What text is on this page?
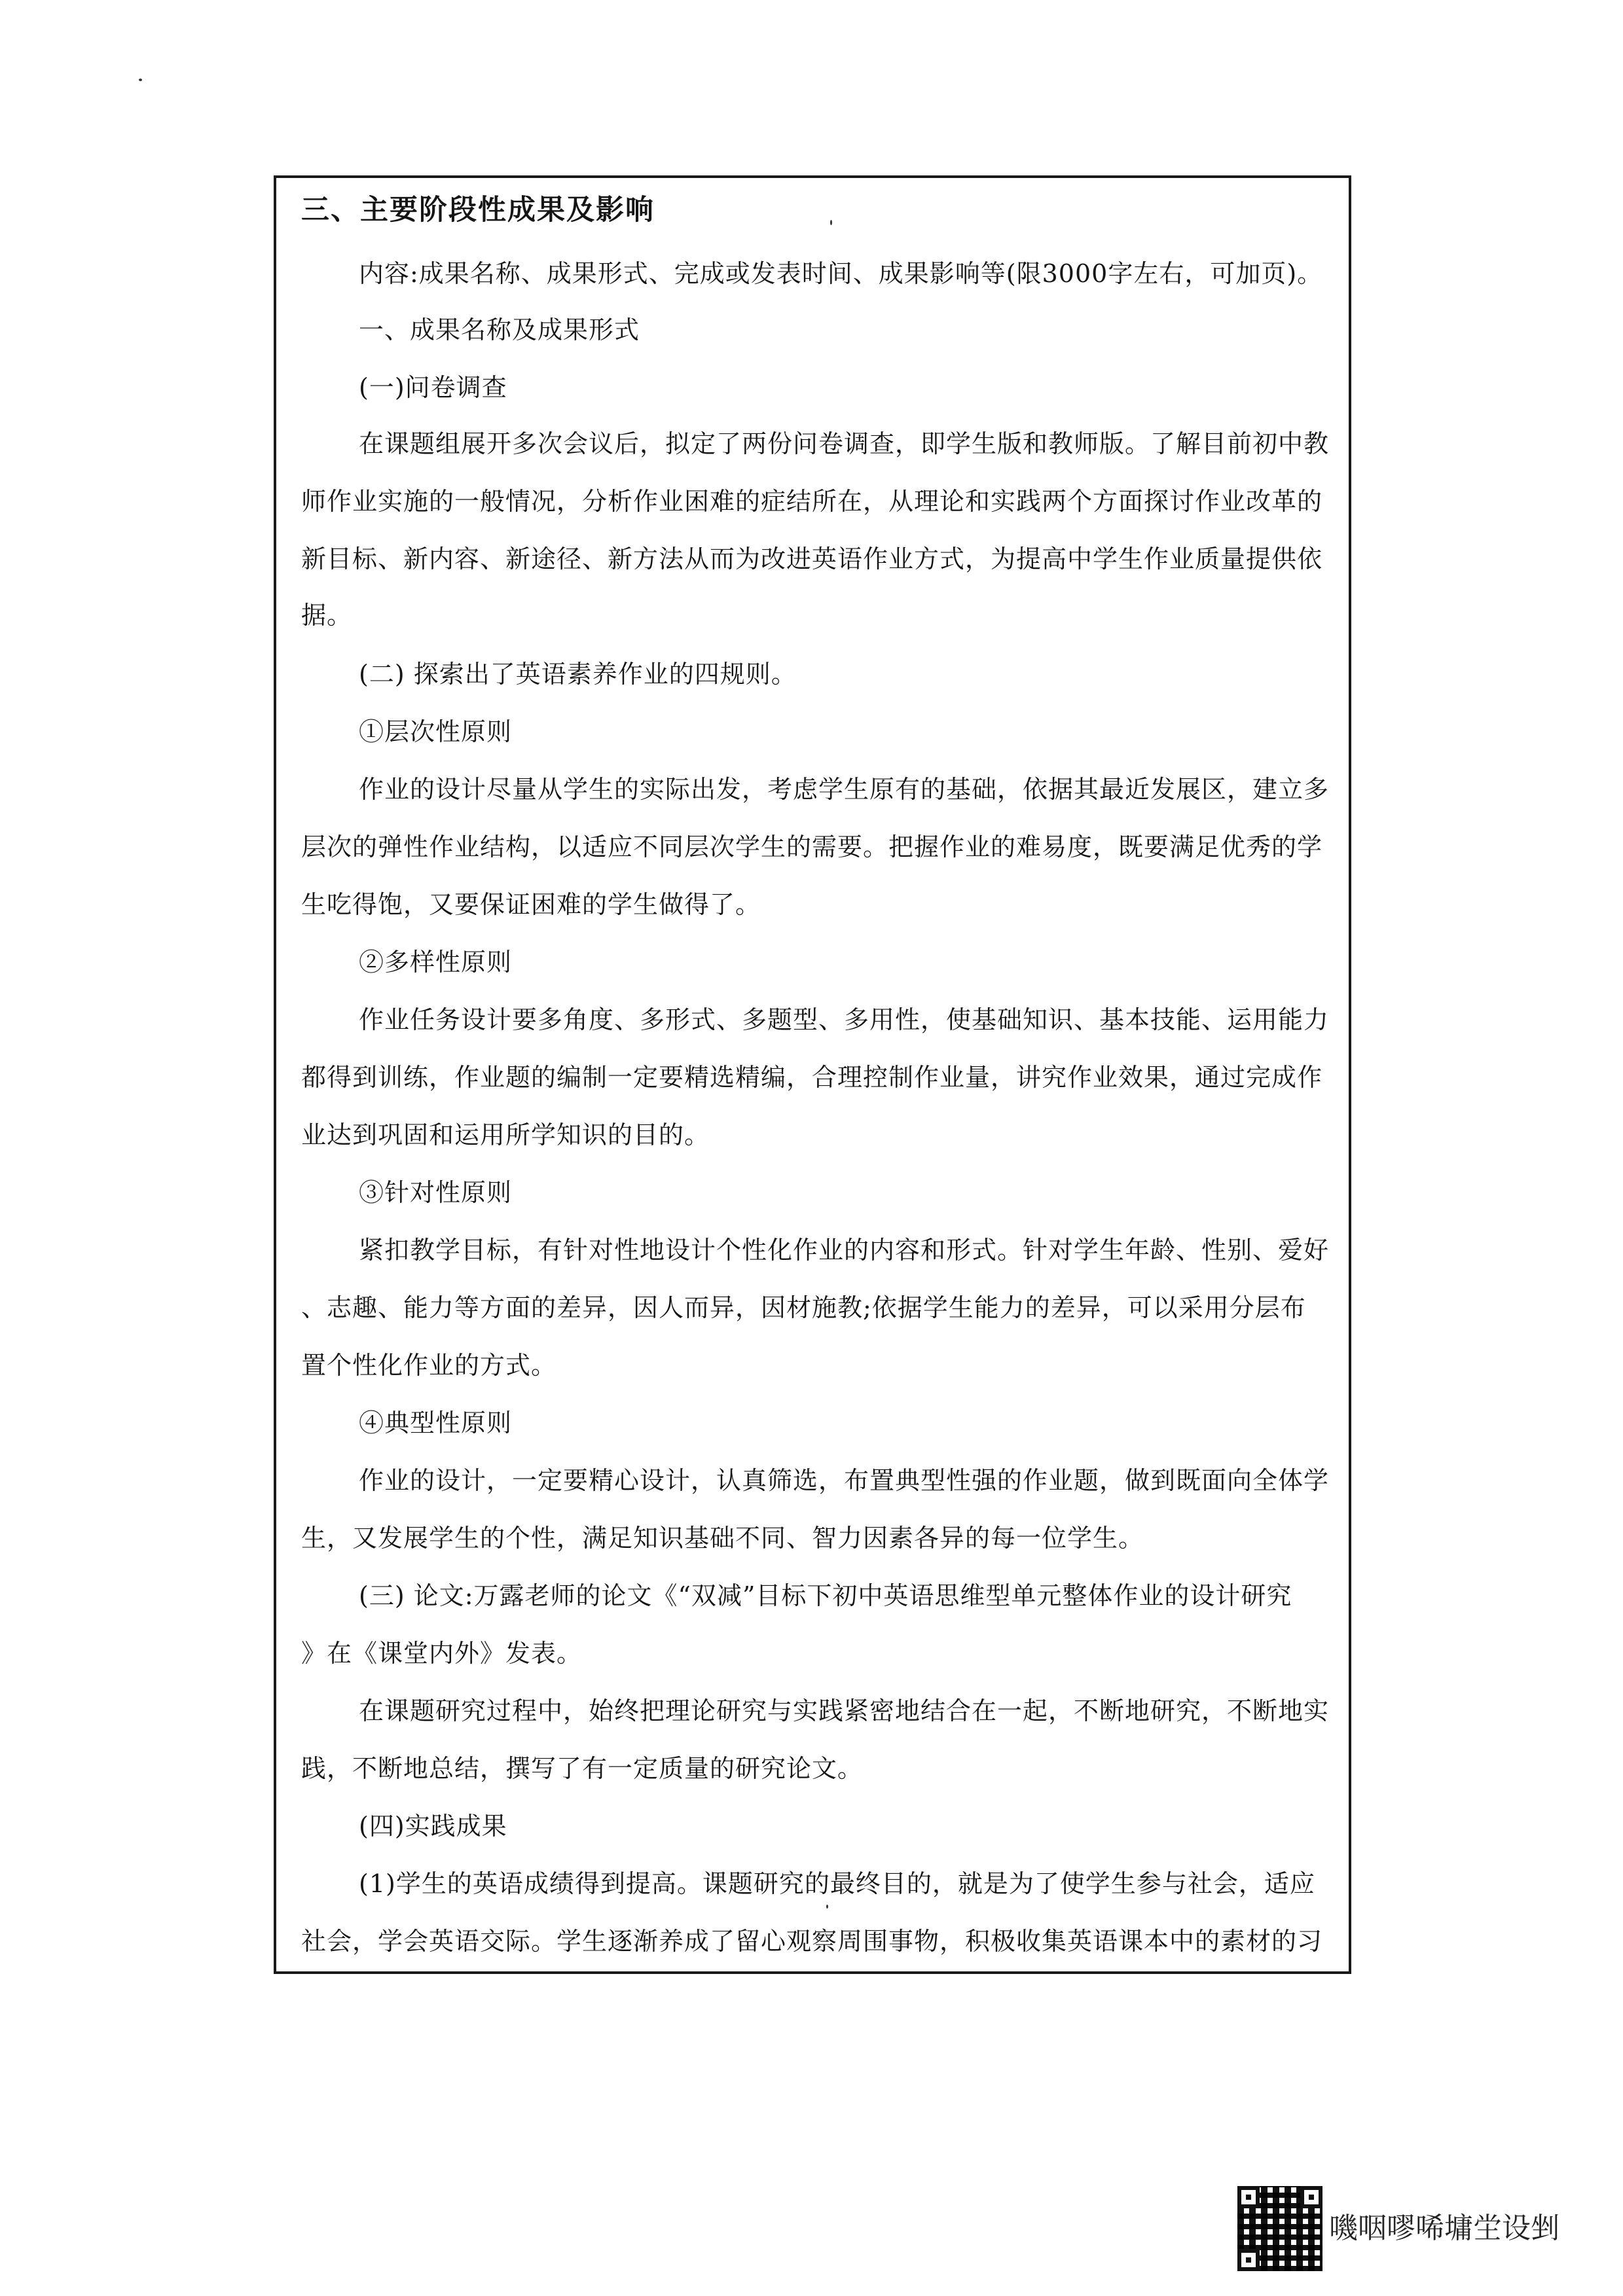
三、主要阶段性成果及影响
内容:成果名称、成果形式、完成或发表时间、成果影响等(限3000字左右，可加页)。
一、成果名称及成果形式
(一)问卷调查
在课题组展开多次会议后，拟定了两份问卷调查，即学生版和教师版。了解目前初中教
师作业实施的一般情况，分析作业困难的症结所在，从理论和实践两个方面探讨作业改革的
新目标、新内容、新途径、新方法从而为改进英语作业方式，为提高中学生作业质量提供依
据。
(二) 探索出了英语素养作业的四规则。
①层次性原则
作业的设计尽量从学生的实际出发，考虑学生原有的基础，依据其最近发展区，建立多
层次的弹性作业结构，以适应不同层次学生的需要。把握作业的难易度，既要满足优秀的学
生吃得饱，又要保证困难的学生做得了。
②多样性原则
作业任务设计要多角度、多形式、多题型、多用性，使基础知识、基本技能、运用能力
都得到训练，作业题的编制一定要精选精编，合理控制作业量，讲究作业效果，通过完成作
业达到巩固和运用所学知识的目的。
③针对性原则
紧扣教学目标，有针对性地设计个性化作业的内容和形式。针对学生年龄、性别、爱好
、志趣、能力等方面的差异，因人而异，因材施教;依据学生能力的差异，可以采用分层布
置个性化作业的方式。
④典型性原则
作业的设计，一定要精心设计，认真筛选，布置典型性强的作业题，做到既面向全体学
生，又发展学生的个性，满足知识基础不同、智力因素各异的每一位学生。
(三) 论文:万露老师的论文《“双减”目标下初中英语思维型单元整体作业的设计研究
》在《课堂内外》发表。
在课题研究过程中，始终把理论研究与实践紧密地结合在一起，不断地研究，不断地实
践，不断地总结，撰写了有一定质量的研究论文。
(四)实践成果
(1)学生的英语成绩得到提高。课题研究的最终目的，就是为了使学生参与社会，适应
社会，学会英语交际。学生逐渐养成了留心观察周围事物，积极收集英语课本中的素材的习
嘰咽嘐唏墉坣设剉
